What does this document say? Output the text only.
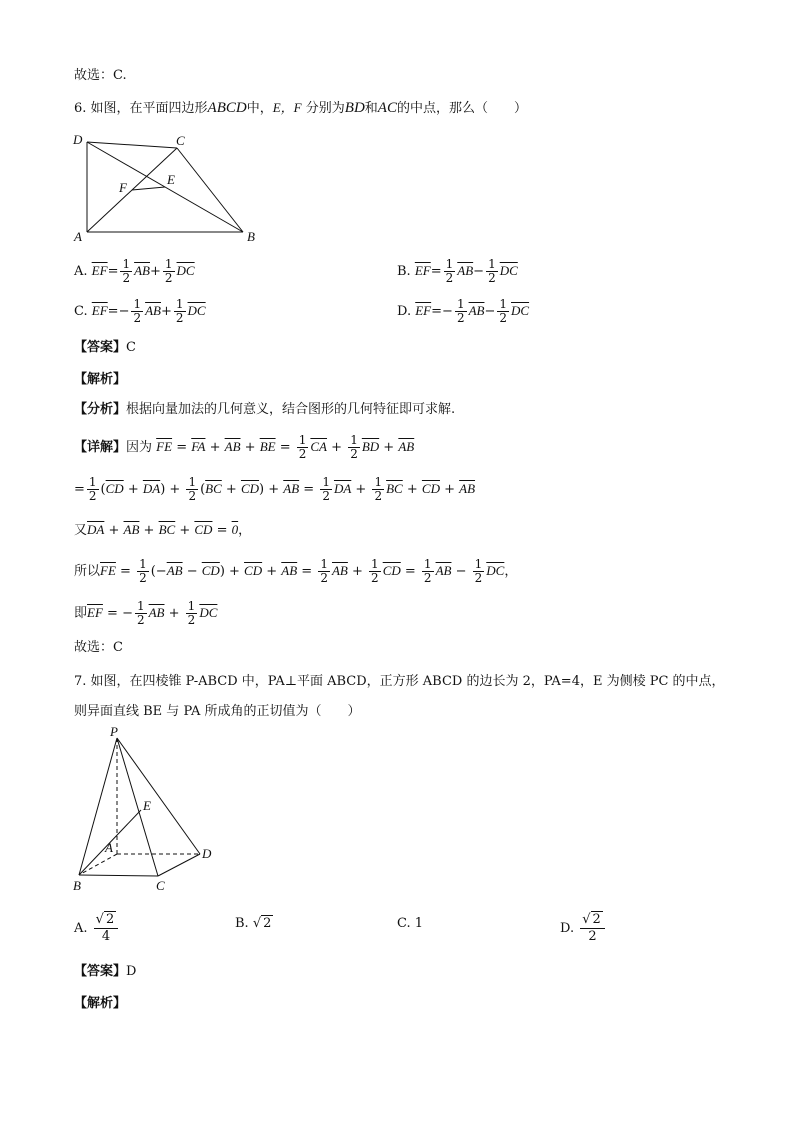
故选：C.
6. 如图，在平面四边形ABCD中，E，F 分别为BD和AC的中点，那么（　　）
D	C
F
E
A	B
A. $\overline{EF}= \frac{1}{2} \overline{AB}+ \frac{1}{2} \overline{DC}$	B. $\overline{EF}= \frac{1}{2} \overline{AB}- \frac{1}{2} \overline{DC}$
C. $\overline{EF}=- \frac{1}{2} \overline{AB}+ \frac{1}{2} \overline{DC}$	D. $\overline{EF}=- \frac{1}{2} \overline{AB}- \frac{1}{2} \overline{DC}$
【答案】C
【解析】
【分析】根据向量加法的几何意义，结合图形的几何特征即可求解.
【详解】因为 $\overline{FE} = \overline{FA} + \overline{AB} + \overline{BE} = \frac{1}{2} \overline{CA} + \frac{1}{2} \overline{BD} + \overline{AB}$
= $\frac{1}{2} (\overline{CD} + \overline{DA}) + \frac{1}{2} (\overline{BC} + \overline{CD}) + \overline{AB} = \frac{1}{2} \overline{DA} + \frac{1}{2} \overline{BC} + \overline{CD} + \overline{AB}$
又$\overline{DA} + \overline{AB} + \overline{BC} + \overline{CD} = 0$，
所以$\overline{FE} = \frac{1}{2} (-\overline{AB} - \overline{CD}) + \overline{CD} + \overline{AB} = \frac{1}{2} \overline{AB} + \frac{1}{2} \overline{CD} = \frac{1}{2} \overline{AB} - \frac{1}{2} \overline{DC}$，
即$\overline{EF}$ = − $\frac{1}{2} \overline{AB} + \frac{1}{2} \overline{DC}$
故选：C
7. 如图，在四棱锥 P-ABCD 中，PA⊥平面 ABCD，正方形 ABCD 的边长为 2，PA=4，E 为侧棱 PC 的中点，
则异面直线 BE 与 PA 所成角的正切值为（　　）
P
E
A	D
B	C
A. $\frac{√ 2}{4}$	B. √ 2	C. 1	D. $\frac{√ 2}{2}$
【答案】D
【解析】
